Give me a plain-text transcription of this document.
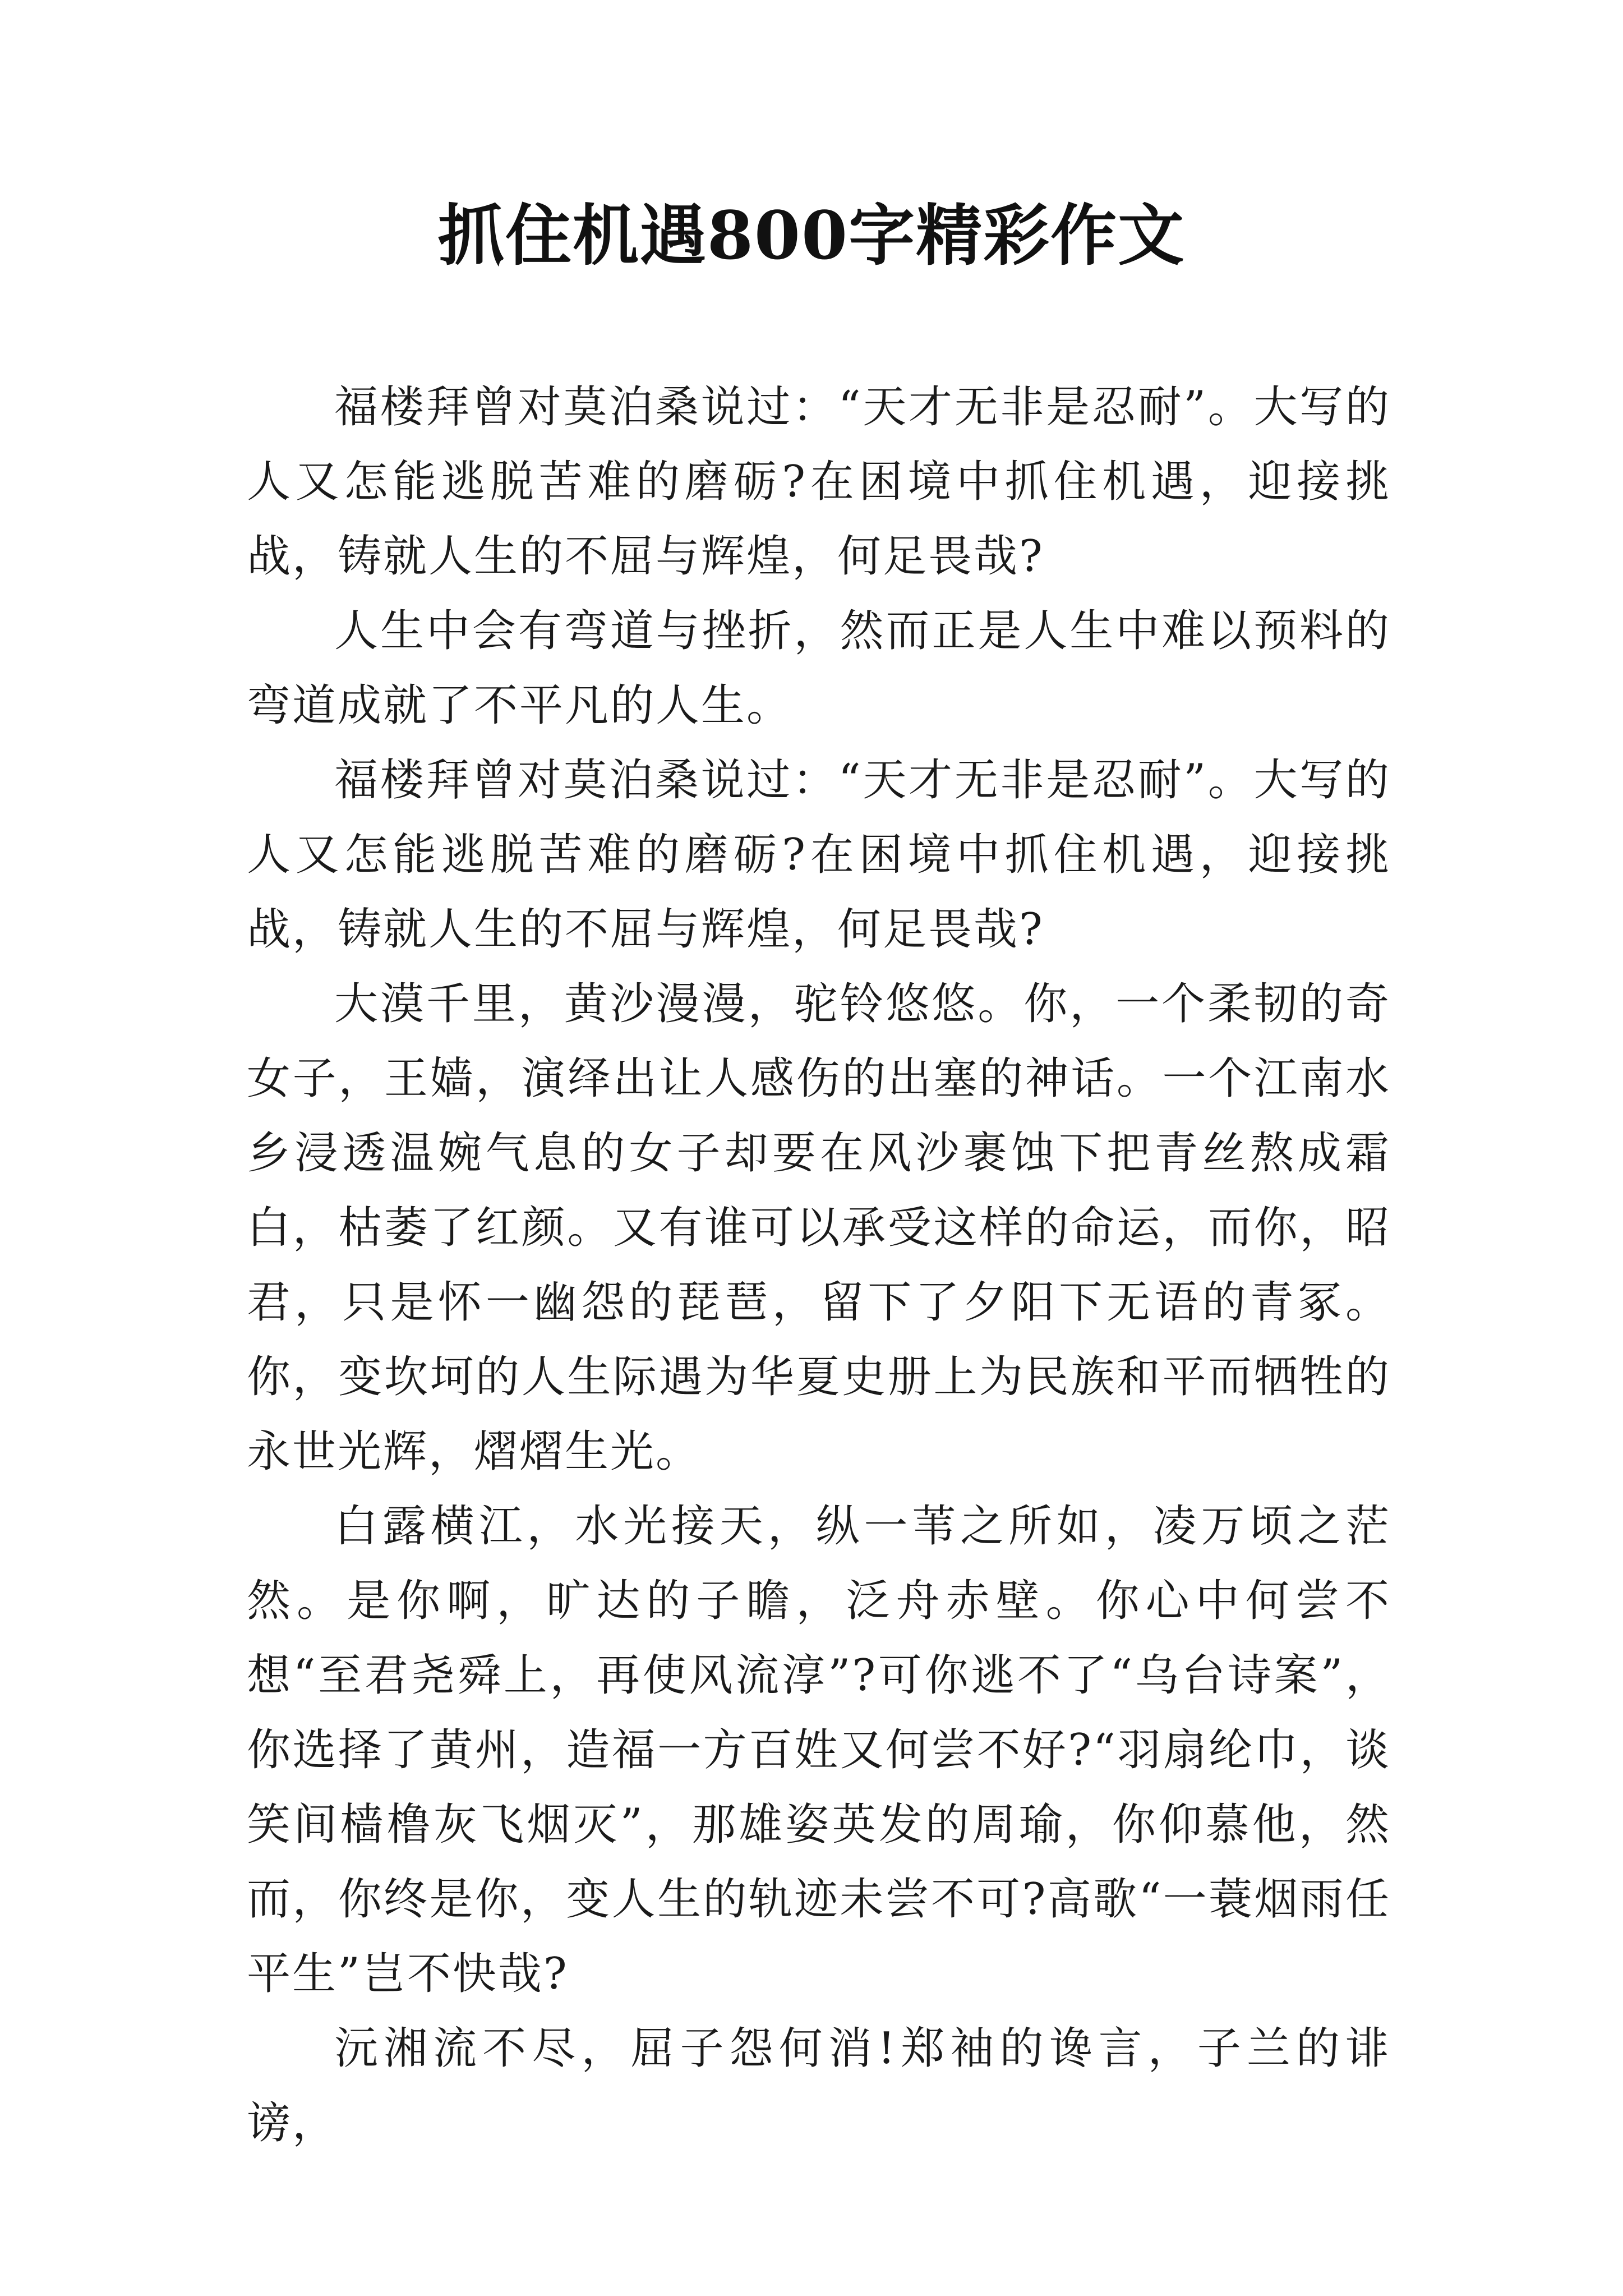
抓住机遇800字精彩作文

福楼拜曾对莫泊桑说过：“天才无非是忍耐”。大写的人又怎能逃脱苦难的磨砺?在困境中抓住机遇，迎接挑战，铸就人生的不屈与辉煌，何足畏哉?

人生中会有弯道与挫折，然而正是人生中难以预料的弯道成就了不平凡的人生。

福楼拜曾对莫泊桑说过：“天才无非是忍耐”。大写的人又怎能逃脱苦难的磨砺?在困境中抓住机遇，迎接挑战，铸就人生的不屈与辉煌，何足畏哉?

大漠千里，黄沙漫漫，驼铃悠悠。你，一个柔韧的奇女子，王嫱，演绎出让人感伤的出塞的神话。一个江南水乡浸透温婉气息的女子却要在风沙裹蚀下把青丝熬成霜白，枯萎了红颜。又有谁可以承受这样的命运，而你，昭君，只是怀一幽怨的琵琶，留下了夕阳下无语的青冢。你，变坎坷的人生际遇为华夏史册上为民族和平而牺牲的永世光辉，熠熠生光。

白露横江，水光接天，纵一苇之所如，凌万顷之茫然。是你啊，旷达的子瞻，泛舟赤壁。你心中何尝不想“至君尧舜上，再使风流淳”?可你逃不了“乌台诗案”，你选择了黄州，造福一方百姓又何尝不好?“羽扇纶巾，谈笑间樯橹灰飞烟灭”，那雄姿英发的周瑜，你仰慕他，然而，你终是你，变人生的轨迹未尝不可?高歌“一蓑烟雨任平生”岂不快哉?

沅湘流不尽，屈子怨何消!郑袖的谗言，子兰的诽谤，
